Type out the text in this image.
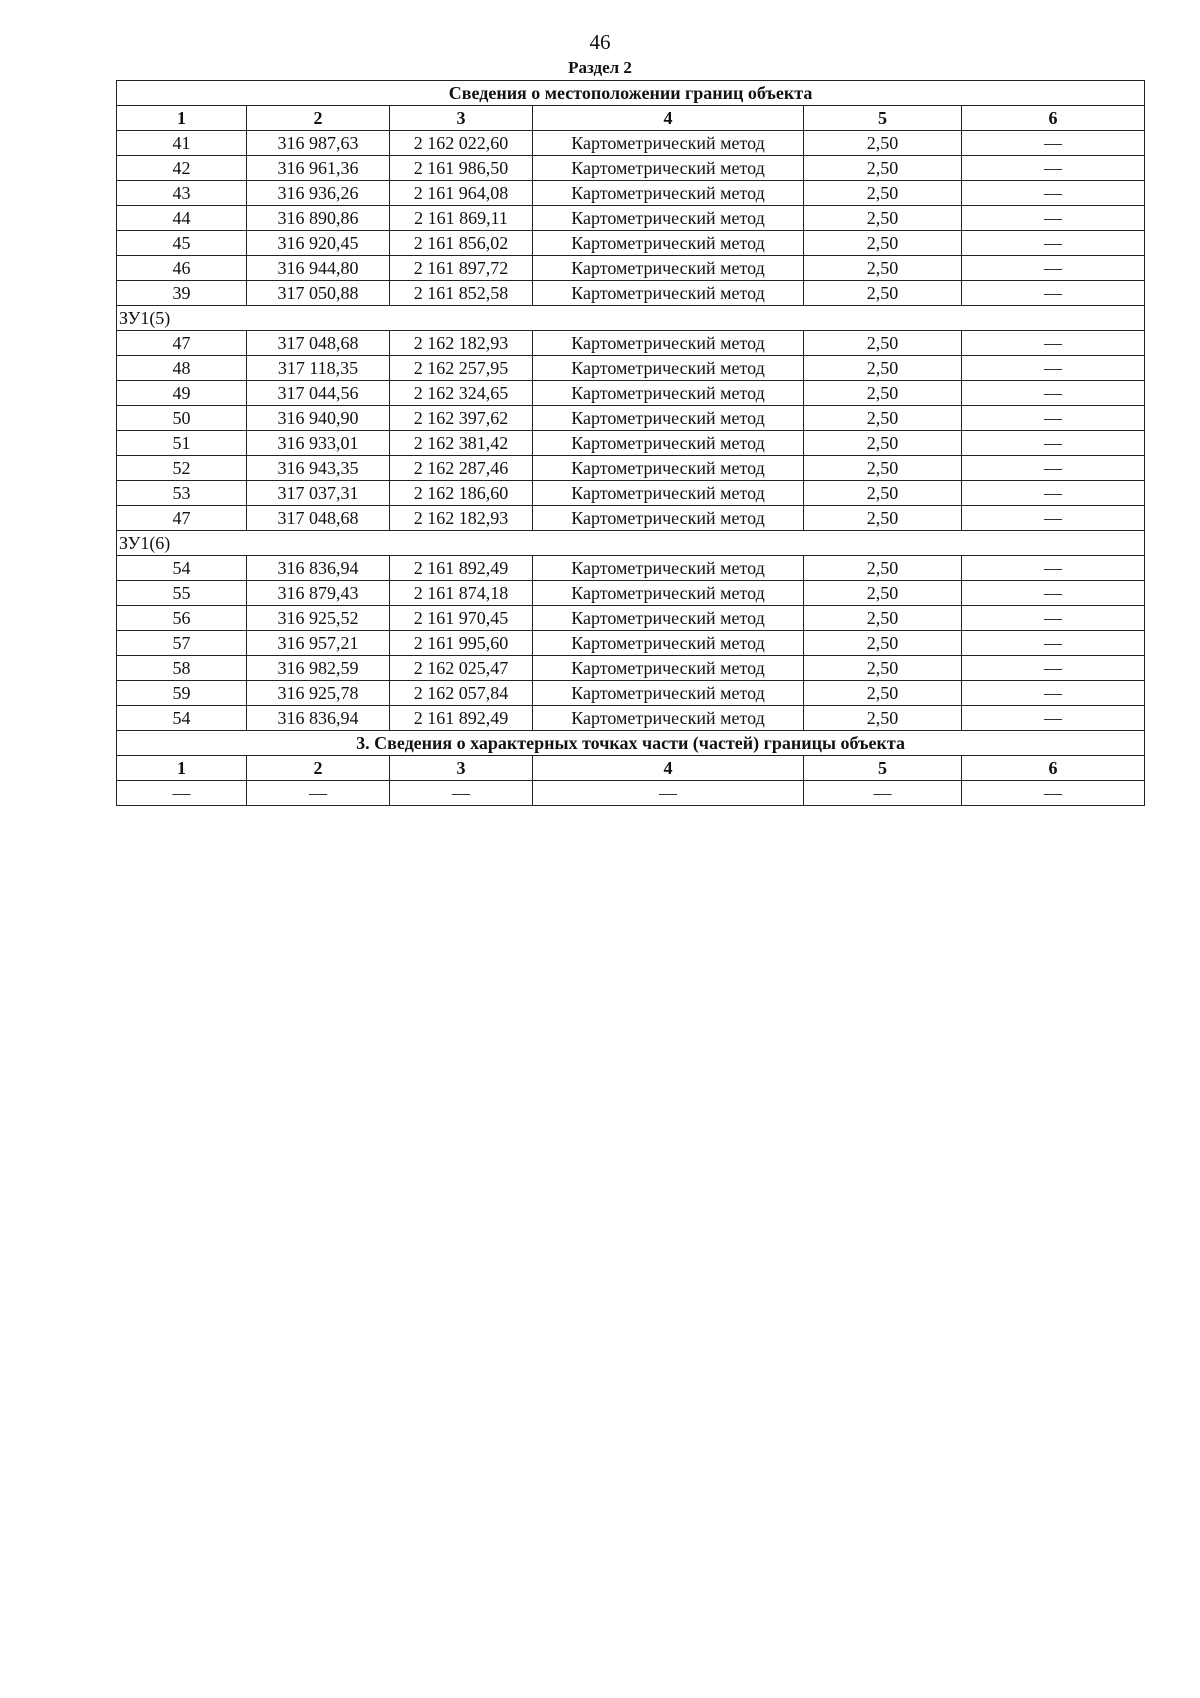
46
Раздел 2
Сведения о местоположении границ объекта					
1	2	3	4	5	6
41	316 987,63	2 162 022,60	Картометрический метод	2,50	—
42	316 961,36	2 161 986,50	Картометрический метод	2,50	—
43	316 936,26	2 161 964,08	Картометрический метод	2,50	—
44	316 890,86	2 161 869,11	Картометрический метод	2,50	—
45	316 920,45	2 161 856,02	Картометрический метод	2,50	—
46	316 944,80	2 161 897,72	Картометрический метод	2,50	—
39	317 050,88	2 161 852,58	Картометрический метод	2,50	—
ЗУ1(5)					
47	317 048,68	2 162 182,93	Картометрический метод	2,50	—
48	317 118,35	2 162 257,95	Картометрический метод	2,50	—
49	317 044,56	2 162 324,65	Картометрический метод	2,50	—
50	316 940,90	2 162 397,62	Картометрический метод	2,50	—
51	316 933,01	2 162 381,42	Картометрический метод	2,50	—
52	316 943,35	2 162 287,46	Картометрический метод	2,50	—
53	317 037,31	2 162 186,60	Картометрический метод	2,50	—
47	317 048,68	2 162 182,93	Картометрический метод	2,50	—
ЗУ1(6)					
54	316 836,94	2 161 892,49	Картометрический метод	2,50	—
55	316 879,43	2 161 874,18	Картометрический метод	2,50	—
56	316 925,52	2 161 970,45	Картометрический метод	2,50	—
57	316 957,21	2 161 995,60	Картометрический метод	2,50	—
58	316 982,59	2 162 025,47	Картометрический метод	2,50	—
59	316 925,78	2 162 057,84	Картометрический метод	2,50	—
54	316 836,94	2 161 892,49	Картометрический метод	2,50	—
3. Сведения о характерных точках части (частей) границы объекта					
1	2	3	4	5	6
—	—	—	—	—	—
